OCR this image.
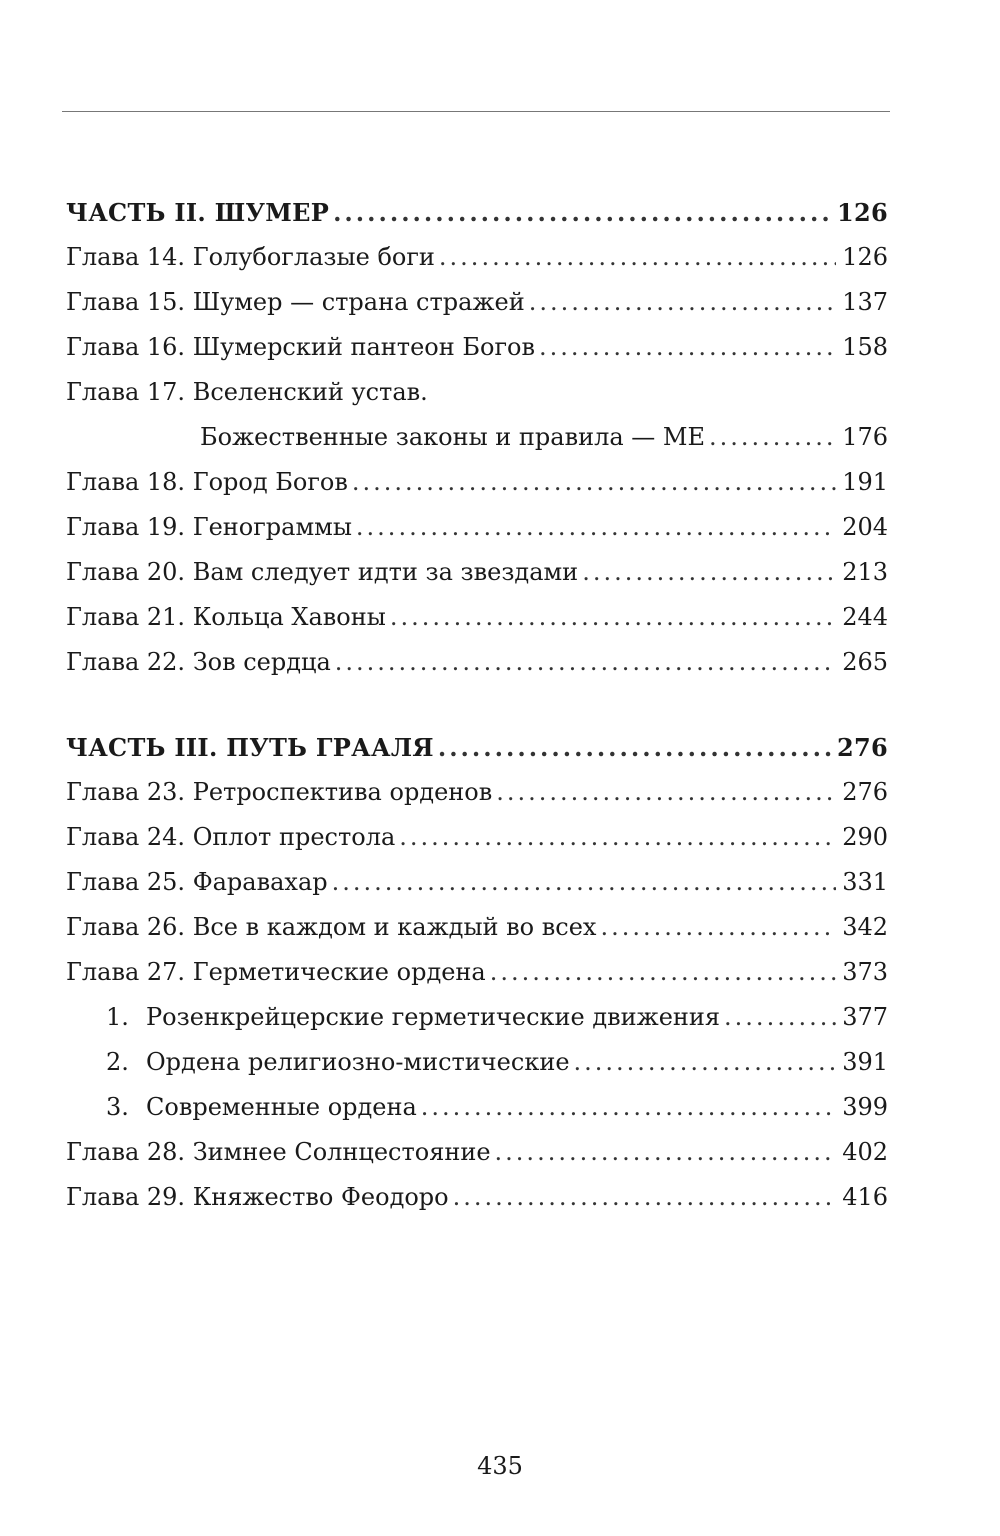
ЧАСТЬ II. ШУМЕР .....	126
Глава 14. Голубоглазые боги .....	126
Глава 15. Шумер — страна стражей .....	137
Глава 16. Шумерский пантеон Богов .....	158
Глава 17. Вселенский устав.
Божественные законы и правила — МЕ .....	176
Глава 18. Город Богов .....	191
Глава 19. Генограммы .....	204
Глава 20. Вам следует идти за звездами .....	213
Глава 21. Кольца Хавоны .....	244
Глава 22. Зов сердца .....	265
ЧАСТЬ III. ПУТЬ ГРААЛЯ .....	276
Глава 23. Ретроспектива орденов .....	276
Глава 24. Оплот престола .....	290
Глава 25. Фаравахар .....	331
Глава 26. Все в каждом и каждый во всех .....	342
Глава 27. Герметические ордена .....	373
1. Розенкрейцерские герметические движения .....	377
2. Ордена религиозно-мистические .....	391
3. Современные ордена .....	399
Глава 28. Зимнее Солнцестояние .....	402
Глава 29. Княжество Феодоро .....	416
435
